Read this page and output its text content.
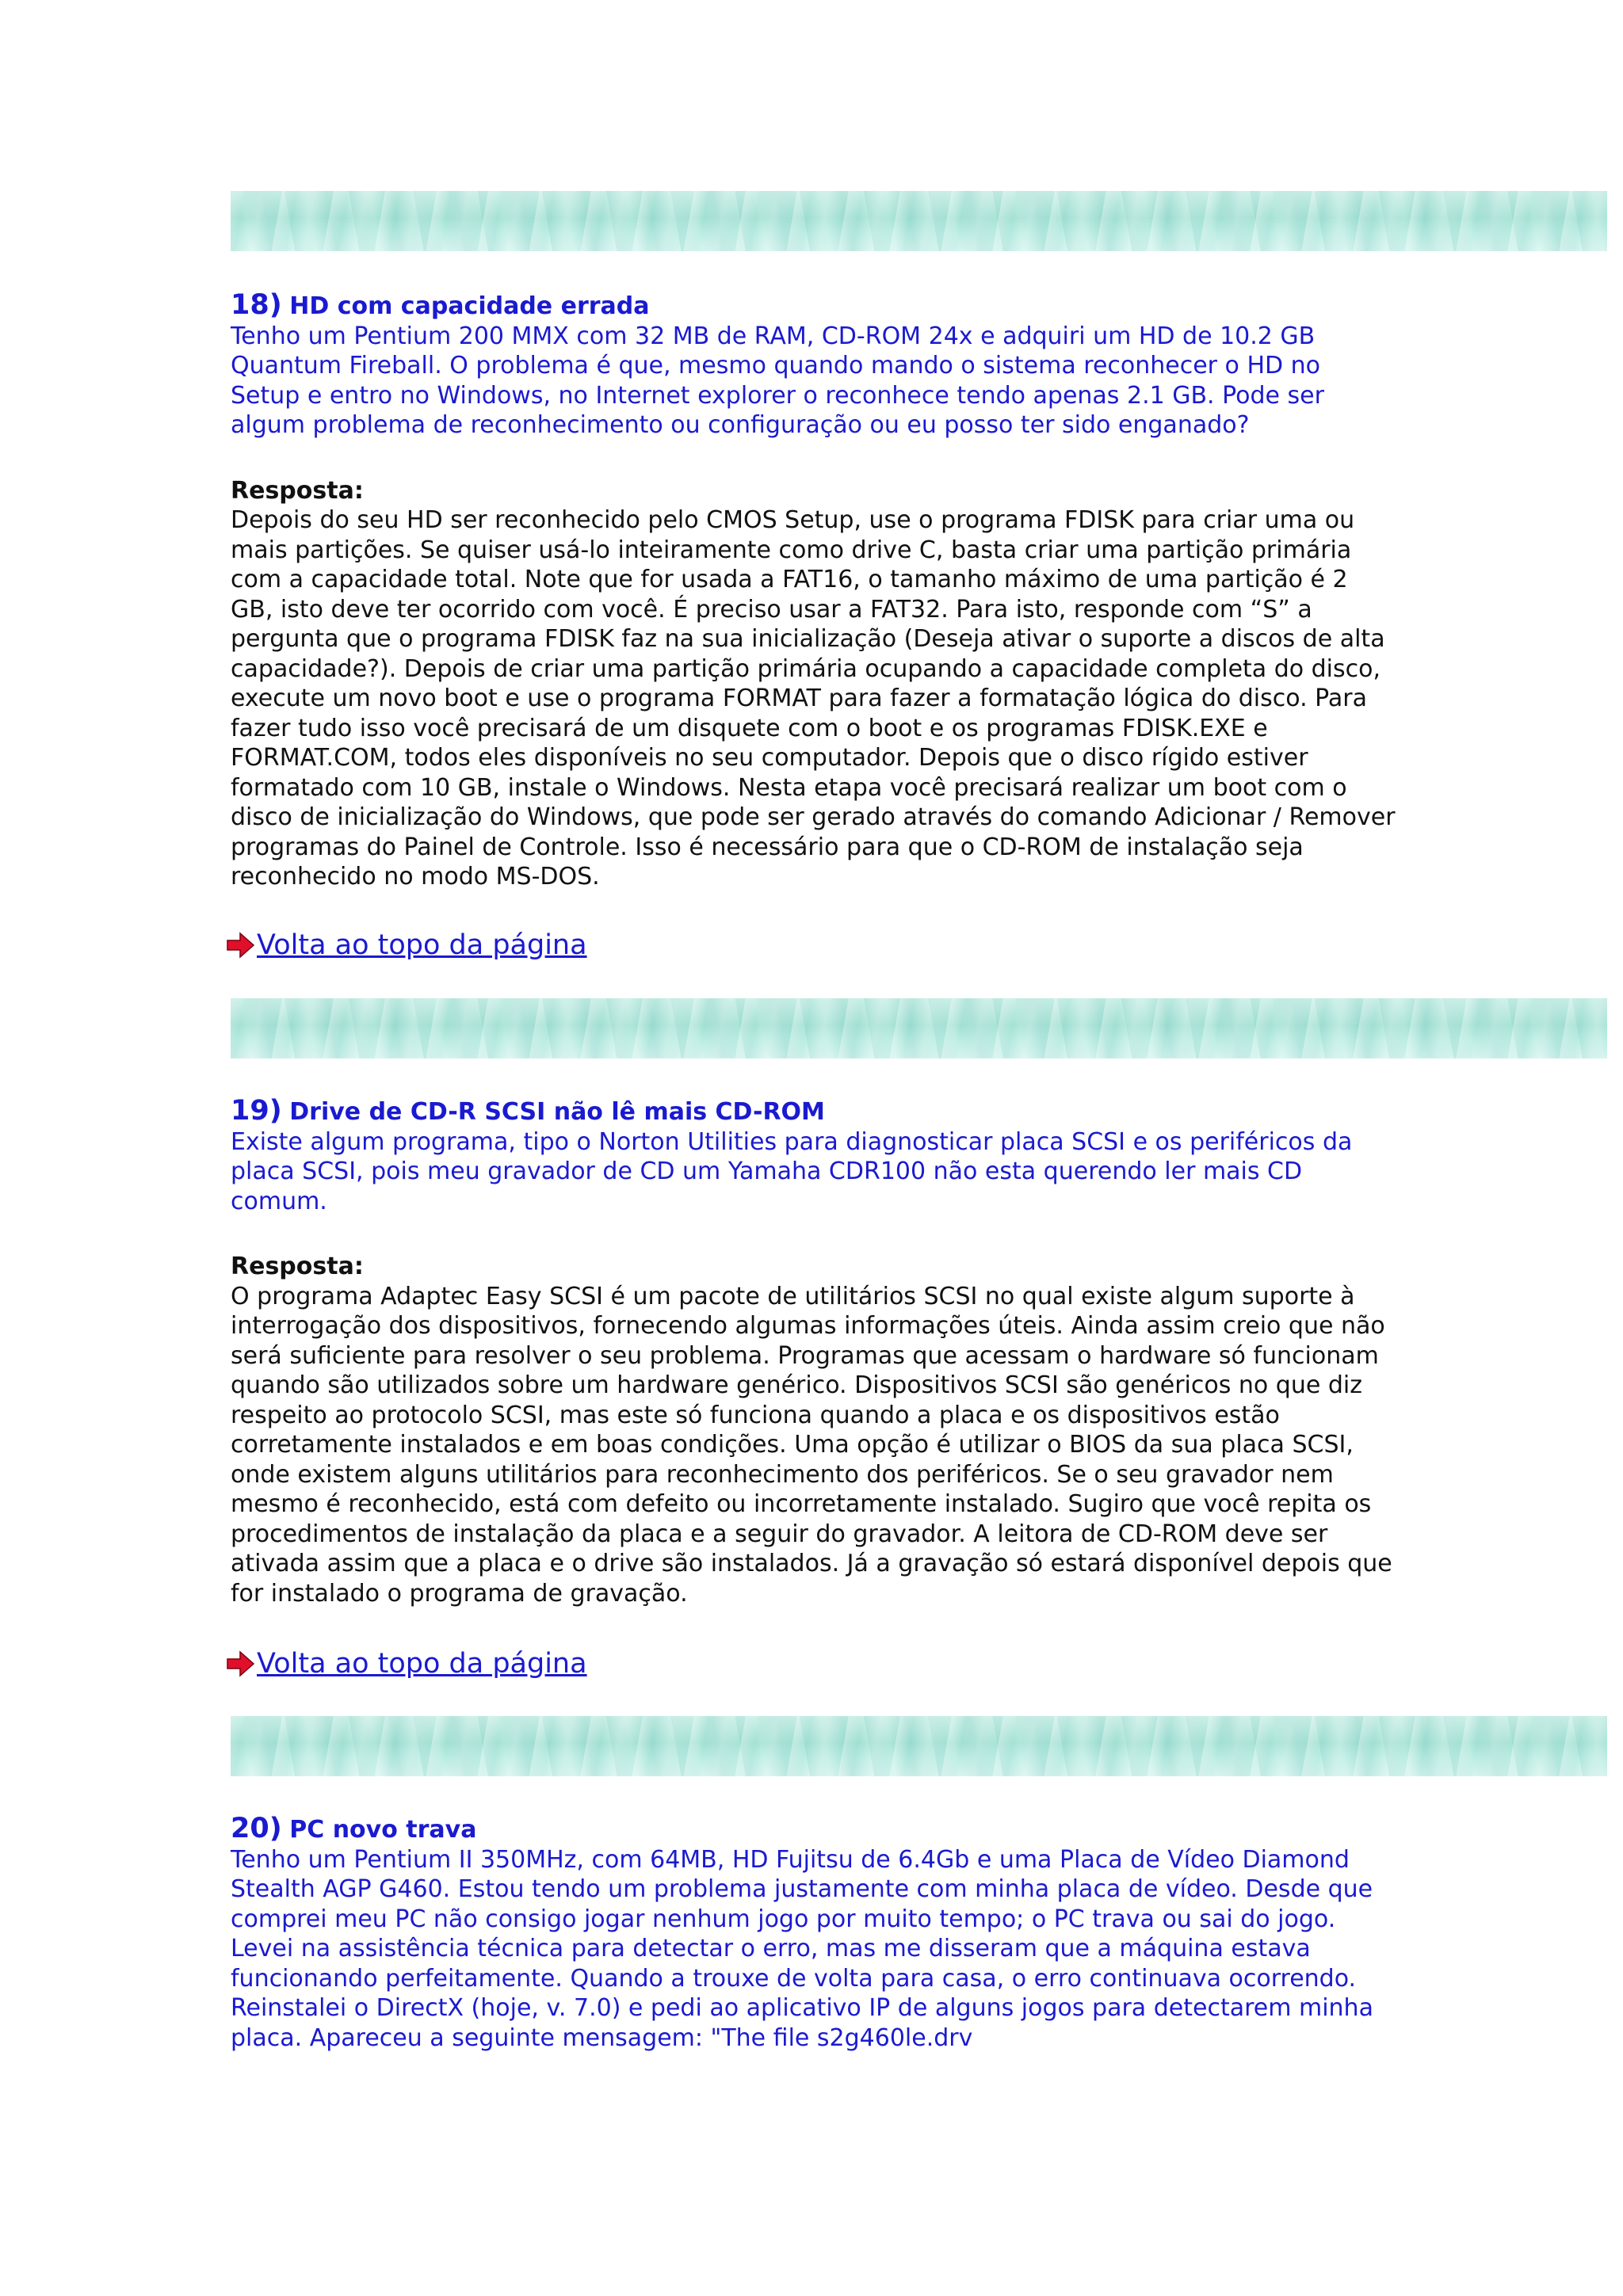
18) HD com capacidade errada

Tenho um Pentium 200 MMX com 32 MB de RAM, CD-ROM 24x e adquiri um HD de 10.2 GB Quantum Fireball. O problema é que, mesmo quando mando o sistema reconhecer o HD no Setup e entro no Windows, no Internet explorer o reconhece tendo apenas 2.1 GB. Pode ser algum problema de reconhecimento ou configuração ou eu posso ter sido enganado?

Resposta:

Depois do seu HD ser reconhecido pelo CMOS Setup, use o programa FDISK para criar uma ou mais partições. Se quiser usá-lo inteiramente como drive C, basta criar uma partição primária com a capacidade total. Note que for usada a FAT16, o tamanho máximo de uma partição é 2 GB, isto deve ter ocorrido com você. É preciso usar a FAT32. Para isto, responde com “S” a pergunta que o programa FDISK faz na sua inicialização (Deseja ativar o suporte a discos de alta capacidade?). Depois de criar uma partição primária ocupando a capacidade completa do disco, execute um novo boot e use o programa FORMAT para fazer a formatação lógica do disco. Para fazer tudo isso você precisará de um disquete com o boot e os programas FDISK.EXE e FORMAT.COM, todos eles disponíveis no seu computador. Depois que o disco rígido estiver formatado com 10 GB, instale o Windows. Nesta etapa você precisará realizar um boot com o disco de inicialização do Windows, que pode ser gerado através do comando Adicionar / Remover programas do Painel de Controle. Isso é necessário para que o CD-ROM de instalação seja reconhecido no modo MS-DOS.

Volta ao topo da página

19) Drive de CD-R SCSI não lê mais CD-ROM

Existe algum programa, tipo o Norton Utilities para diagnosticar placa SCSI e os periféricos da placa SCSI, pois meu gravador de CD um Yamaha CDR100 não esta querendo ler mais CD comum.

Resposta:

O programa Adaptec Easy SCSI é um pacote de utilitários SCSI no qual existe algum suporte à interrogação dos dispositivos, fornecendo algumas informações úteis. Ainda assim creio que não será suficiente para resolver o seu problema. Programas que acessam o hardware só funcionam quando são utilizados sobre um hardware genérico. Dispositivos SCSI são genéricos no que diz respeito ao protocolo SCSI, mas este só funciona quando a placa e os dispositivos estão corretamente instalados e em boas condições. Uma opção é utilizar o BIOS da sua placa SCSI, onde existem alguns utilitários para reconhecimento dos periféricos. Se o seu gravador nem mesmo é reconhecido, está com defeito ou incorretamente instalado. Sugiro que você repita os procedimentos de instalação da placa e a seguir do gravador. A leitora de CD-ROM deve ser ativada assim que a placa e o drive são instalados. Já a gravação só estará disponível depois que for instalado o programa de gravação.

Volta ao topo da página

20) PC novo trava

Tenho um Pentium II 350MHz, com 64MB, HD Fujitsu de 6.4Gb e uma Placa de Vídeo Diamond Stealth AGP G460. Estou tendo um problema justamente com minha placa de vídeo. Desde que comprei meu PC não consigo jogar nenhum jogo por muito tempo; o PC trava ou sai do jogo. Levei na assistência técnica para detectar o erro, mas me disseram que a máquina estava funcionando perfeitamente. Quando a trouxe de volta para casa, o erro continuava ocorrendo. Reinstalei o DirectX (hoje, v. 7.0) e pedi ao aplicativo IP de alguns jogos para detectarem minha placa. Apareceu a seguinte mensagem: "The file s2g460le.drv
